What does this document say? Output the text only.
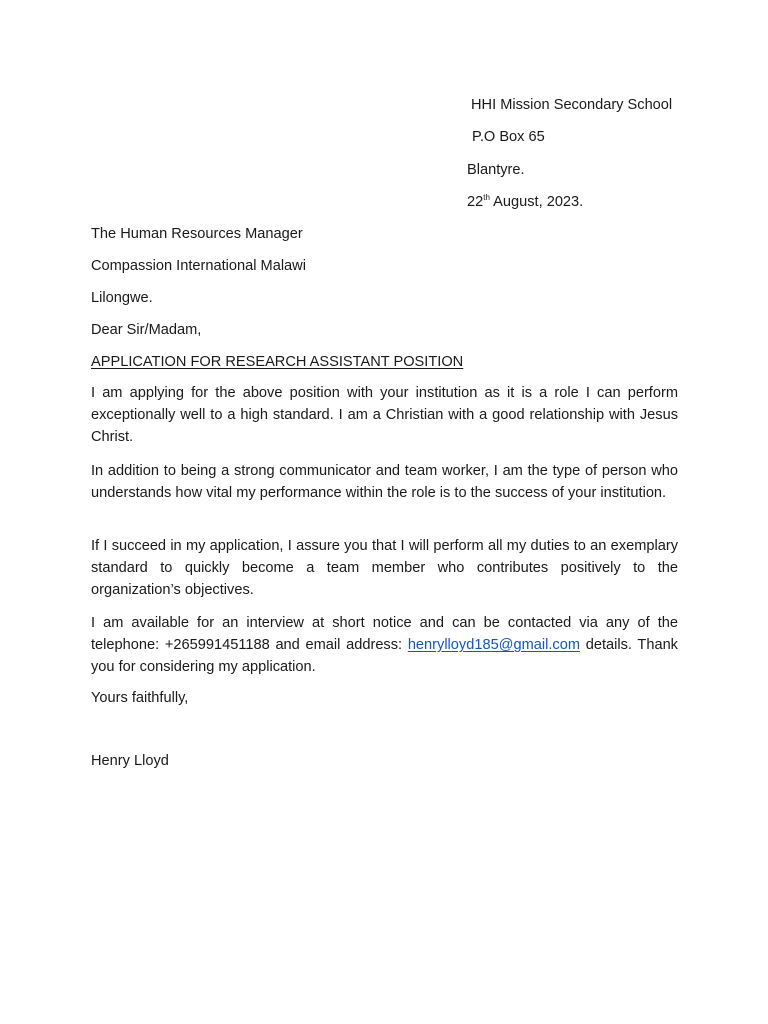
HHI Mission Secondary School
P.O Box 65
Blantyre.
22th August, 2023.
The Human Resources Manager
Compassion International Malawi
Lilongwe.
Dear Sir/Madam,
APPLICATION FOR RESEARCH ASSISTANT POSITION
I am applying for the above position with your institution as it is a role I can perform exceptionally well to a high standard. I am a Christian with a good relationship with Jesus Christ.
In addition to being a strong communicator and team worker, I am the type of person who understands how vital my performance within the role is to the success of your institution.
If I succeed in my application, I assure you that I will perform all my duties to an exemplary standard to quickly become a team member who contributes positively to the organization’s objectives.
I am available for an interview at short notice and can be contacted via any of the telephone: +265991451188 and email address: henrylloyd185@gmail.com details. Thank you for considering my application.
Yours faithfully,
Henry Lloyd
